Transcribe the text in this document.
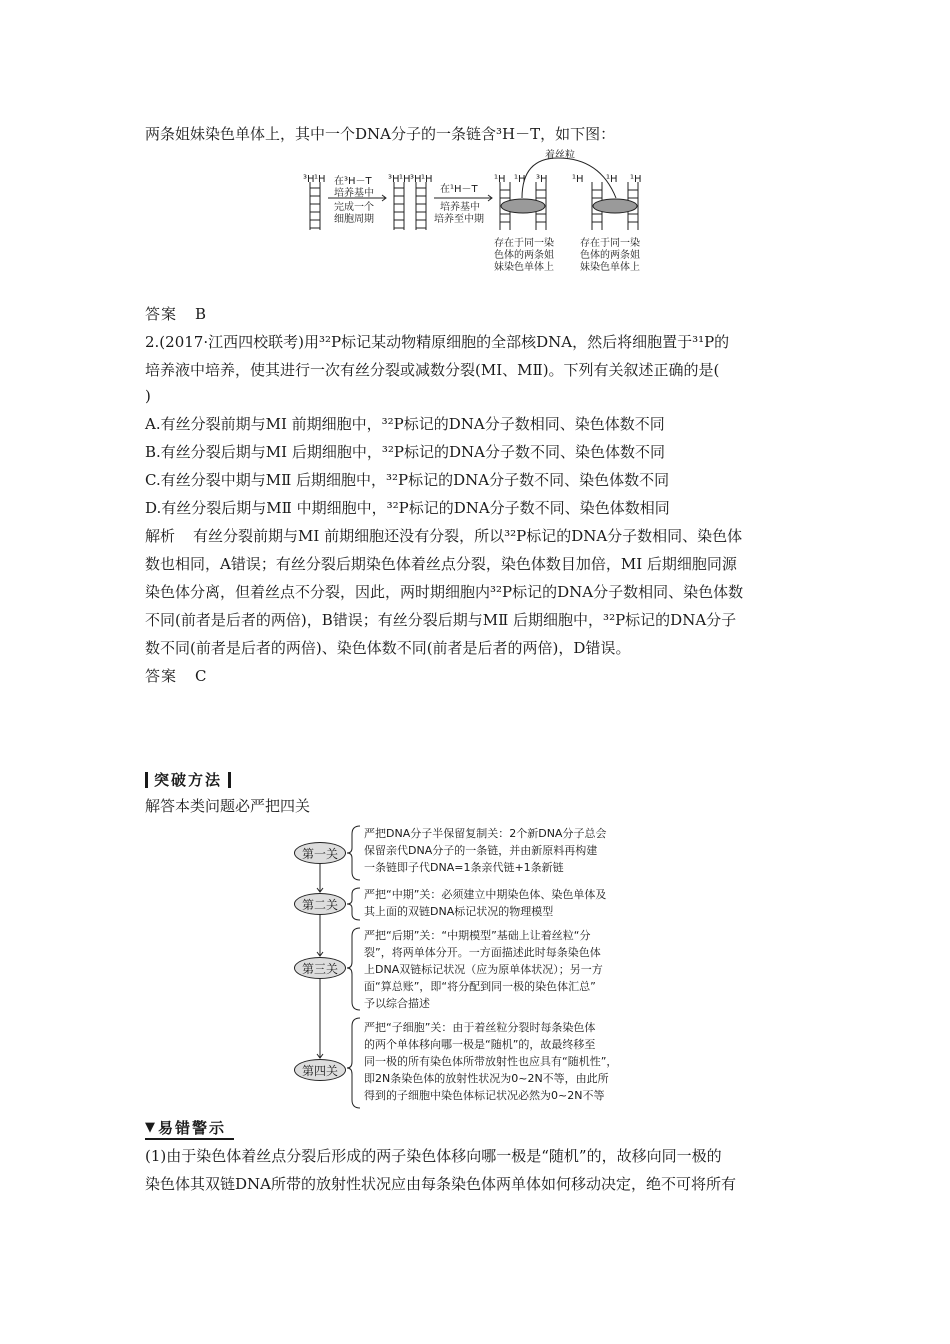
两条姐妹染色单体上，其中一个DNA分子的一条链含³H－T，如下图：
着丝粒
³H ¹H	³H ¹H ³H ¹H	¹H ¹H ³H ¹H ¹H ¹H
在³H－T
培养基中
完成一个
细胞周期
在¹H－T
培养基中
培养至中期
存在于同一染
色体的两条姐
妹染色单体上
存在于同一染
色体的两条姐
妹染色单体上
答案 B
2.(2017·江西四校联考)用³²P标记某动物精原细胞的全部核DNA，然后将细胞置于³¹P的
培养液中培养，使其进行一次有丝分裂或减数分裂(MⅠ、MⅡ)。下列有关叙述正确的是(
)
A.有丝分裂前期与MⅠ 前期细胞中，³²P标记的DNA分子数相同、染色体数不同
B.有丝分裂后期与MⅠ 后期细胞中，³²P标记的DNA分子数不同、染色体数不同
C.有丝分裂中期与MⅡ 后期细胞中，³²P标记的DNA分子数不同、染色体数不同
D.有丝分裂后期与MⅡ 中期细胞中，³²P标记的DNA分子数不同、染色体数相同
解析 有丝分裂前期与MⅠ 前期细胞还没有分裂，所以³²P标记的DNA分子数相同、染色体
数也相同，A错误；有丝分裂后期染色体着丝点分裂，染色体数目加倍，MⅠ 后期细胞同源
染色体分离，但着丝点不分裂，因此，两时期细胞内³²P标记的DNA分子数相同、染色体数
不同(前者是后者的两倍)，B错误；有丝分裂后期与MⅡ 后期细胞中，³²P标记的DNA分子
数不同(前者是后者的两倍)、染色体数不同(前者是后者的两倍)，D错误。
答案 C
突破方法
解答本类问题必严把四关
第一关
第二关
第三关
第四关
严把DNA分子半保留复制关：2个新DNA分子总会
保留亲代DNA分子的一条链，并由新原料再构建
一条链即子代DNA=1条亲代链+1条新链
严把“中期”关：必须建立中期染色体、染色单体及
其上面的双链DNA标记状况的物理模型
严把“后期”关：“中期模型”基础上让着丝粒“分
裂”，将两单体分开。一方面描述此时每条染色体
上DNA双链标记状况（应为原单体状况）；另一方
面“算总账”，即“将分配到同一极的染色体汇总”
予以综合描述
严把“子细胞”关：由于着丝粒分裂时每条染色体
的两个单体移向哪一极是“随机”的，故最终移至
同一极的所有染色体所带放射性也应具有“随机性”，
即2N条染色体的放射性状况为0~2N不等，由此所
得到的子细胞中染色体标记状况必然为0~2N不等
▼ 易错警示
(1)由于染色体着丝点分裂后形成的两子染色体移向哪一极是“随机”的，故移向同一极的
染色体其双链DNA所带的放射性状况应由每条染色体两单体如何移动决定，绝不可将所有
